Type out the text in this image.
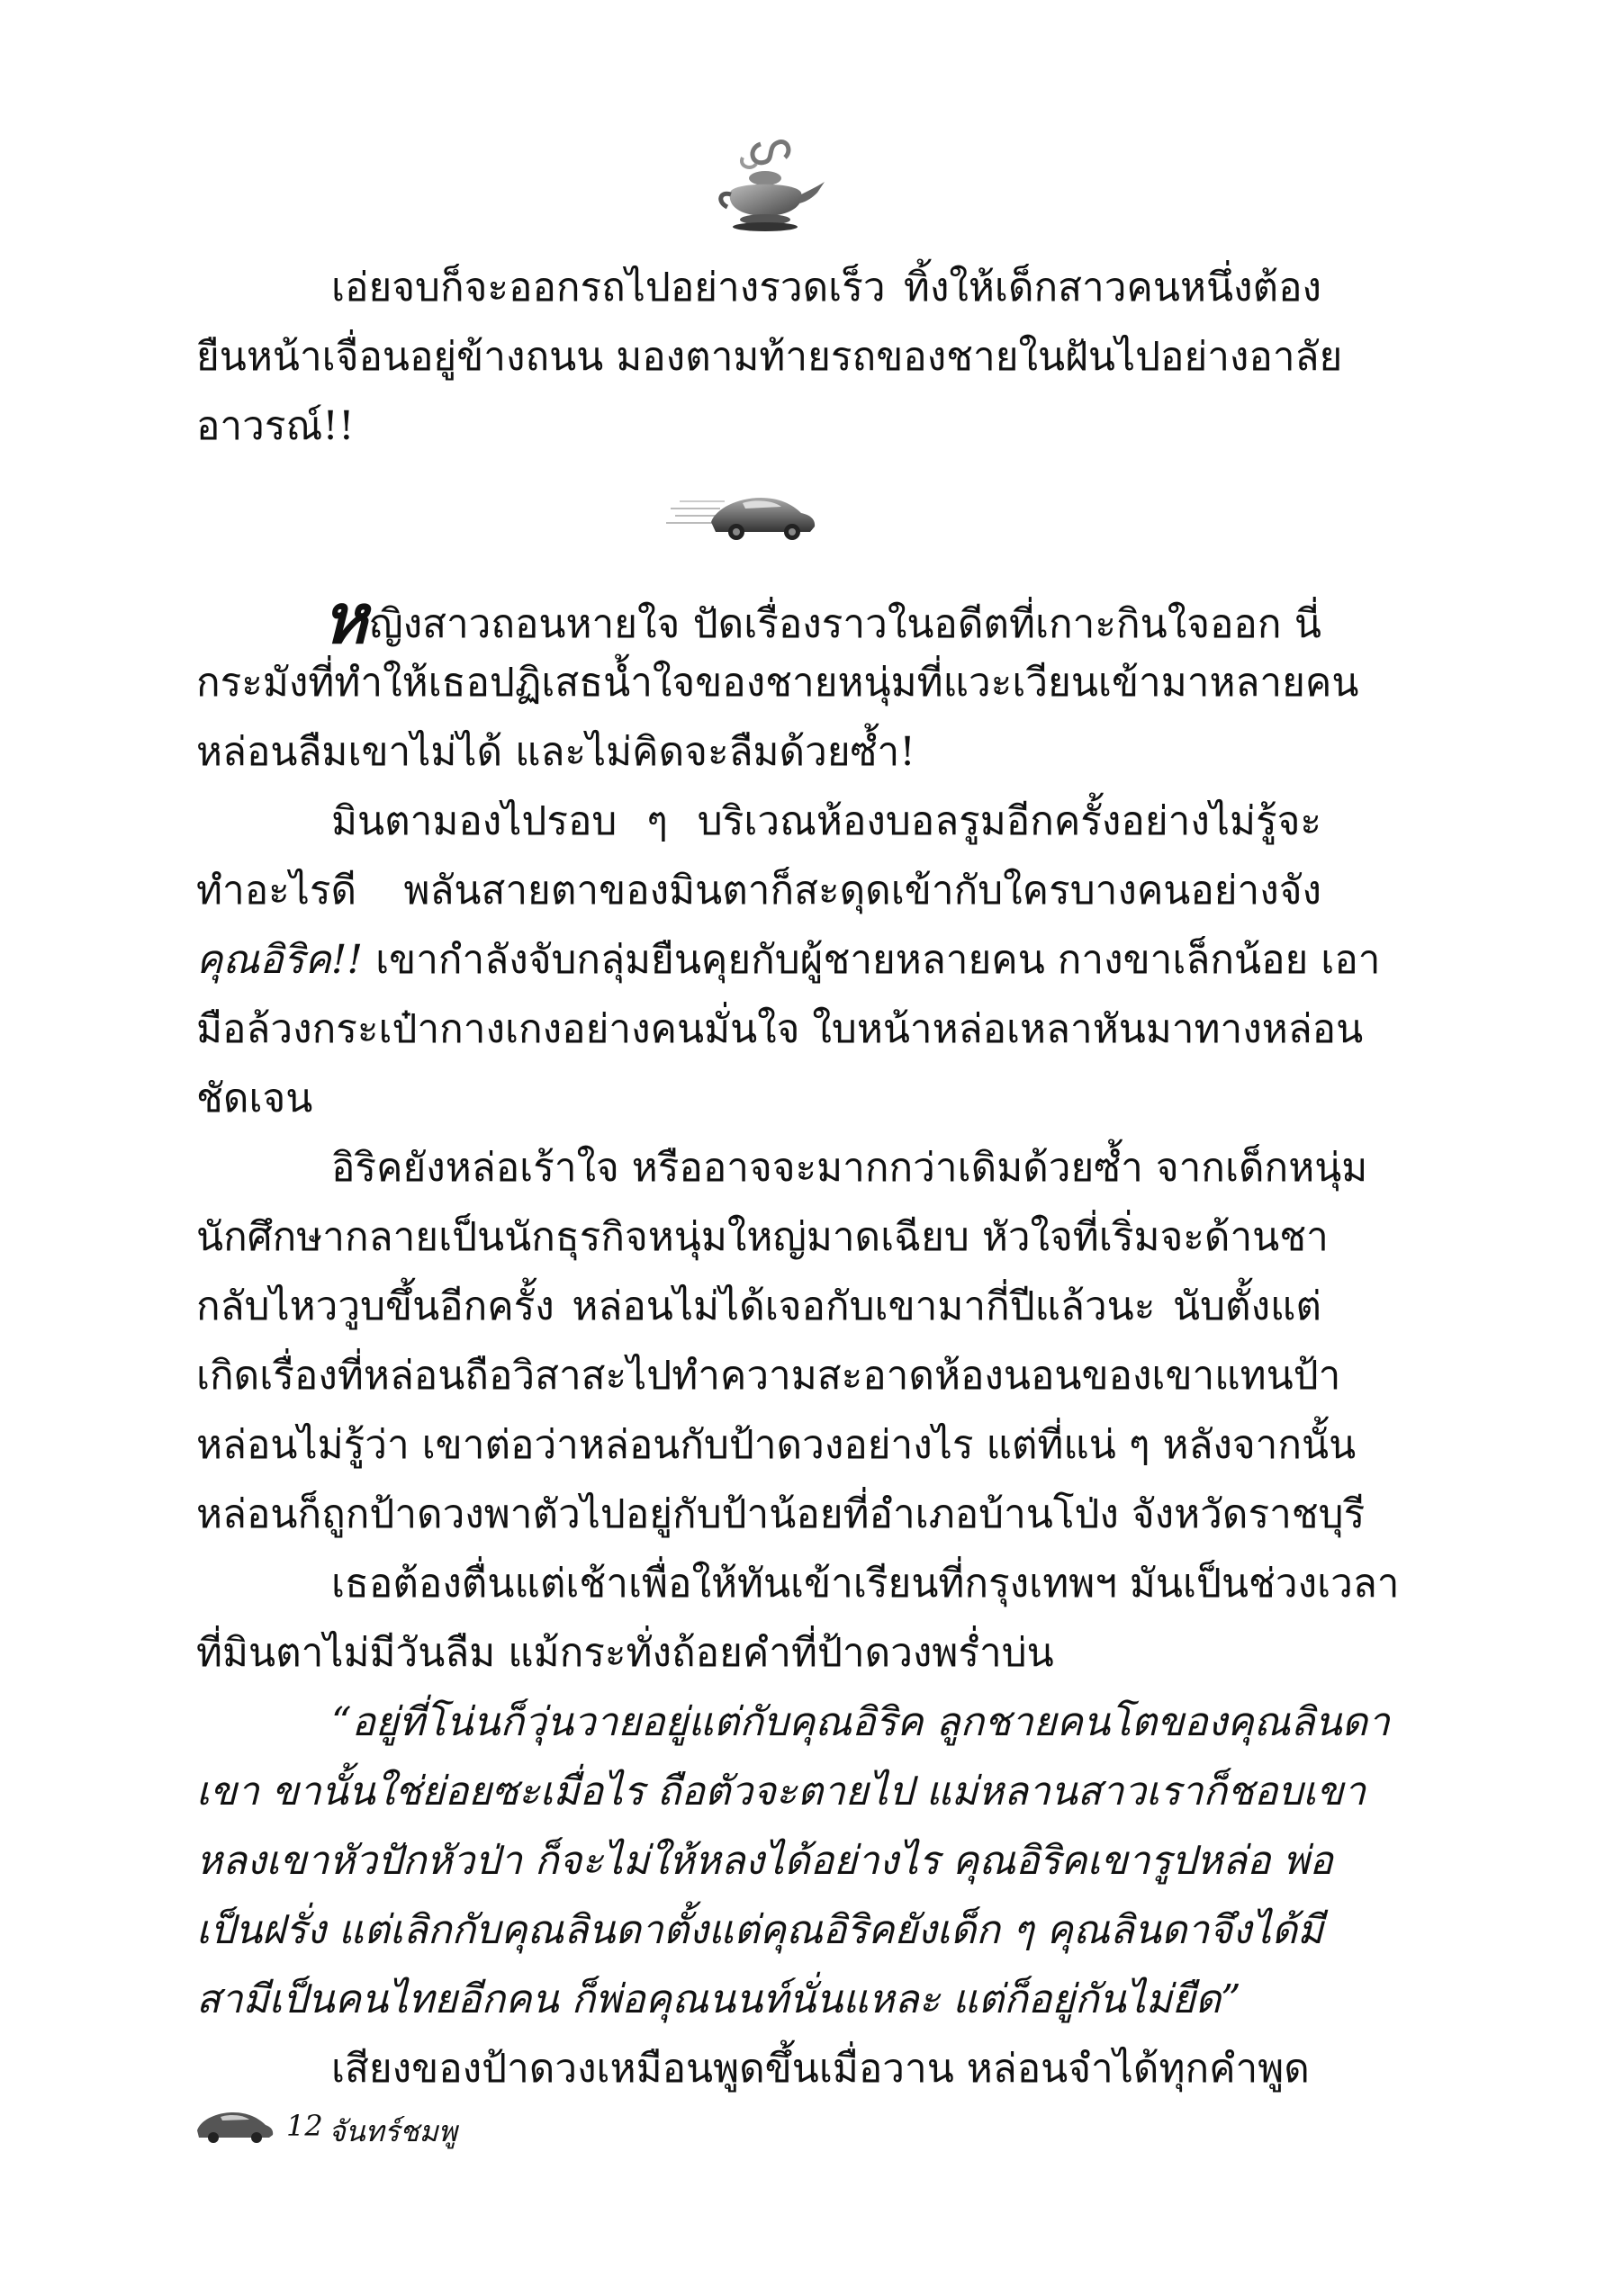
เอ่ยจบก็จะออกรถไปอย่างรวดเร็ว ทิ้งให้เด็กสาวคนหนึ่งต้อง
ยืนหน้าเจื่อนอยู่ข้างถนน มองตามท้ายรถของชายในฝันไปอย่างอาลัย
อาวรณ์!!
หญิงสาวถอนหายใจ ปัดเรื่องราวในอดีตที่เกาะกินใจออก นี่
กระมังที่ทำให้เธอปฏิเสธน้ำใจของชายหนุ่มที่แวะเวียนเข้ามาหลายคน
หล่อนลืมเขาไม่ได้ และไม่คิดจะลืมด้วยซ้ำ!
มินตามองไปรอบ ๆ บริเวณห้องบอลรูมอีกครั้งอย่างไม่รู้จะ
ทำอะไรดี พลันสายตาของมินตาก็สะดุดเข้ากับใครบางคนอย่างจัง
คุณอิริค!! เขากำลังจับกลุ่มยืนคุยกับผู้ชายหลายคน กางขาเล็กน้อย เอา
มือล้วงกระเป๋ากางเกงอย่างคนมั่นใจ ใบหน้าหล่อเหลาหันมาทางหล่อน
ชัดเจน
อิริคยังหล่อเร้าใจ หรืออาจจะมากกว่าเดิมด้วยซ้ำ จากเด็กหนุ่ม
นักศึกษากลายเป็นนักธุรกิจหนุ่มใหญ่มาดเฉียบ หัวใจที่เริ่มจะด้านชา
กลับไหววูบขึ้นอีกครั้ง หล่อนไม่ได้เจอกับเขามากี่ปีแล้วนะ นับตั้งแต่
เกิดเรื่องที่หล่อนถือวิสาสะไปทำความสะอาดห้องนอนของเขาแทนป้า
หล่อนไม่รู้ว่า เขาต่อว่าหล่อนกับป้าดวงอย่างไร แต่ที่แน่ ๆ หลังจากนั้น
หล่อนก็ถูกป้าดวงพาตัวไปอยู่กับป้าน้อยที่อำเภอบ้านโป่ง จังหวัดราชบุรี
เธอต้องตื่นแต่เช้าเพื่อให้ทันเข้าเรียนที่กรุงเทพฯ มันเป็นช่วงเวลา
ที่มินตาไม่มีวันลืม แม้กระทั่งถ้อยคำที่ป้าดวงพร่ำบ่น
“อยู่ที่โน่นก็วุ่นวายอยู่แต่กับคุณอิริค ลูกชายคนโตของคุณลินดา
เขา ขานั้นใช่ย่อยซะเมื่อไร ถือตัวจะตายไป แม่หลานสาวเราก็ชอบเขา
หลงเขาหัวปักหัวป่า ก็จะไม่ให้หลงได้อย่างไร คุณอิริคเขารูปหล่อ พ่อ
เป็นฝรั่ง แต่เลิกกับคุณลินดาตั้งแต่คุณอิริคยังเด็ก ๆ คุณลินดาจึงได้มี
สามีเป็นคนไทยอีกคน ก็พ่อคุณนนท์นั่นแหละ แต่ก็อยู่กันไม่ยืด”
เสียงของป้าดวงเหมือนพูดขึ้นเมื่อวาน หล่อนจำได้ทุกคำพูด
12 จันทร์ชมพู
